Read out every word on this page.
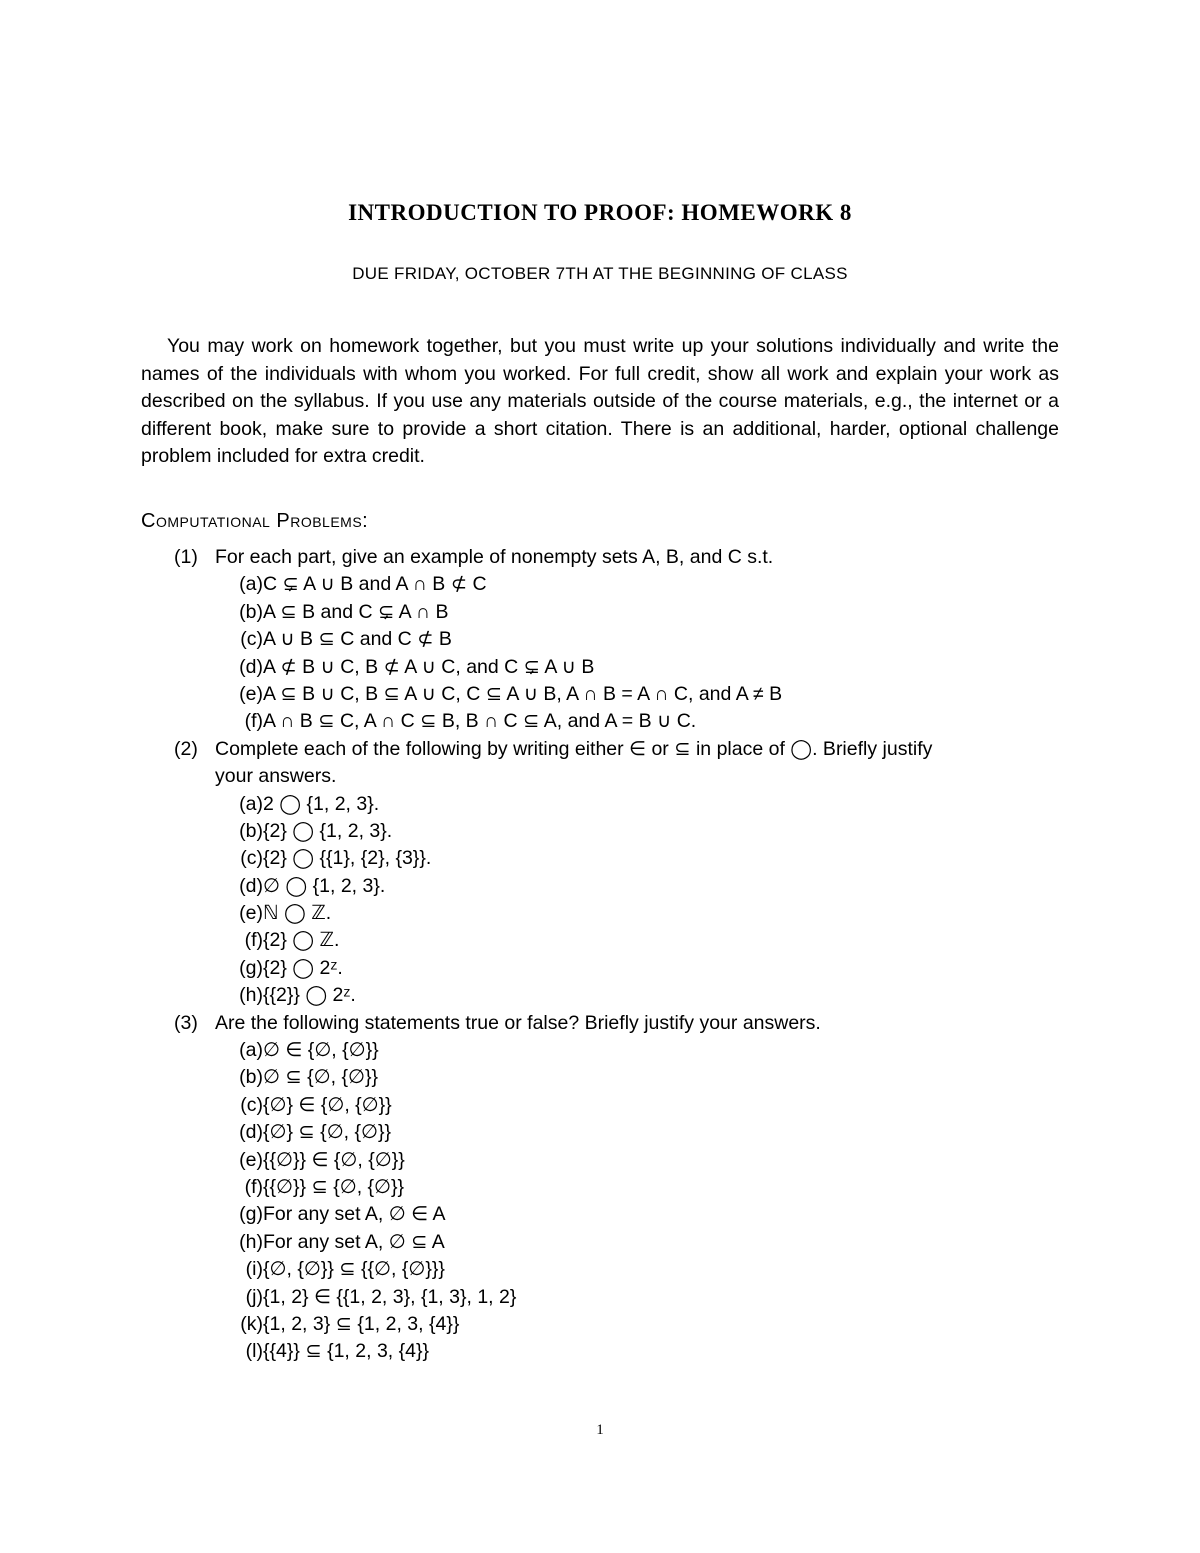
INTRODUCTION TO PROOF: HOMEWORK 8
DUE FRIDAY, OCTOBER 7TH AT THE BEGINNING OF CLASS
You may work on homework together, but you must write up your solutions individually and write the names of the individuals with whom you worked. For full credit, show all work and explain your work as described on the syllabus. If you use any materials outside of the course materials, e.g., the internet or a different book, make sure to provide a short citation. There is an additional, harder, optional challenge problem included for extra credit.
Computational Problems:
(1) For each part, give an example of nonempty sets A, B, and C s.t.
(a) C ⊊ A ∪ B and A ∩ B ⊄ C
(b) A ⊆ B and C ⊊ A ∩ B
(c) A ∪ B ⊆ C and C ⊄ B
(d) A ⊄ B ∪ C, B ⊄ A ∪ C, and C ⊊ A ∪ B
(e) A ⊆ B ∪ C, B ⊆ A ∪ C, C ⊆ A ∪ B, A ∩ B = A ∩ C, and A ≠ B
(f) A ∩ B ⊆ C, A ∩ C ⊆ B, B ∩ C ⊆ A, and A = B ∪ C.
(2) Complete each of the following by writing either ∈ or ⊆ in place of ◯. Briefly justify
your answers.
(a) 2 ◯ {1, 2, 3}.
(b) {2} ◯ {1, 2, 3}.
(c) {2} ◯ {{1}, {2}, {3}}.
(d) ∅ ◯ {1, 2, 3}.
(e) ℕ ◯ ℤ.
(f) {2} ◯ ℤ.
(g) {2} ◯ 2ᶻ.
(h) {{2}} ◯ 2ᶻ.
(3) Are the following statements true or false? Briefly justify your answers.
(a) ∅ ∈ {∅, {∅}}
(b) ∅ ⊆ {∅, {∅}}
(c) {∅} ∈ {∅, {∅}}
(d) {∅} ⊆ {∅, {∅}}
(e) {{∅}} ∈ {∅, {∅}}
(f) {{∅}} ⊆ {∅, {∅}}
(g) For any set A, ∅ ∈ A
(h) For any set A, ∅ ⊆ A
(i) {∅, {∅}} ⊆ {{∅, {∅}}}
(j) {1, 2} ∈ {{1, 2, 3}, {1, 3}, 1, 2}
(k) {1, 2, 3} ⊆ {1, 2, 3, {4}}
(l) {{4}} ⊆ {1, 2, 3, {4}}
1
